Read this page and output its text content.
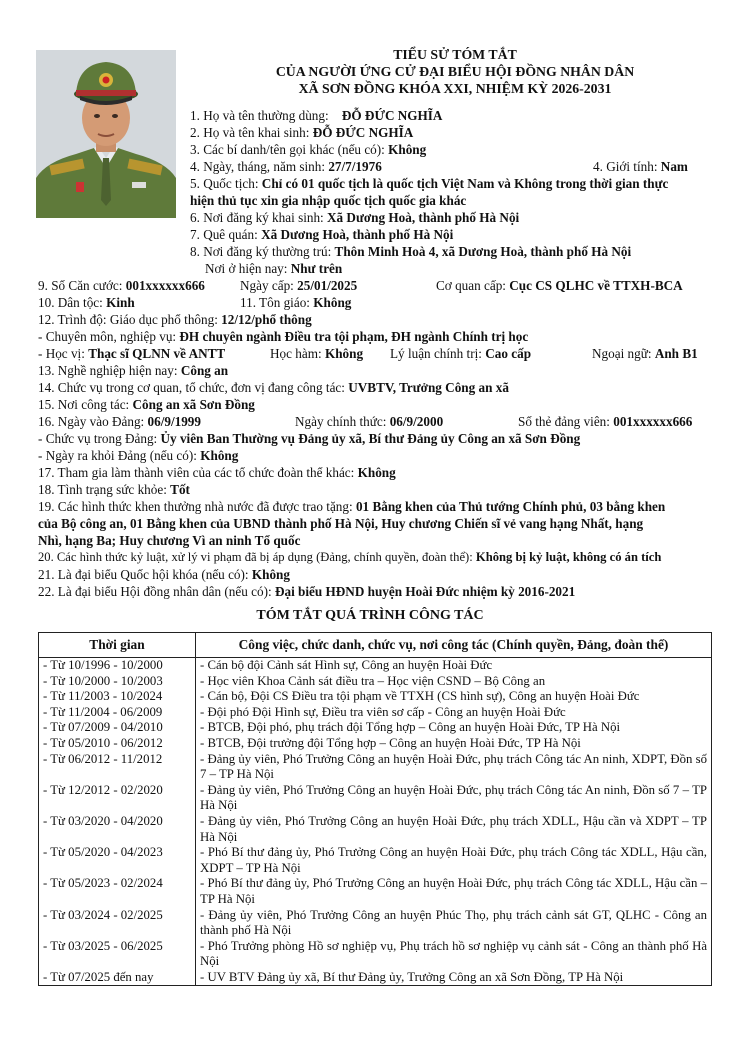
TIỂU SỬ TÓM TẮT
CỦA NGƯỜI ỨNG CỬ ĐẠI BIỂU HỘI ĐỒNG NHÂN DÂN
XÃ SƠN ĐỒNG KHÓA XXI, NHIỆM KỲ 2026-2031
1. Họ và tên thường dùng: ĐỖ ĐỨC NGHĨA
2. Họ và tên khai sinh: ĐỖ ĐỨC NGHĨA
3. Các bí danh/tên gọi khác (nếu có): Không
4. Ngày, tháng, năm sinh: 27/7/1976	4. Giới tính: Nam
5. Quốc tịch: Chỉ có 01 quốc tịch là quốc tịch Việt Nam và Không trong thời gian thực
hiện thủ tục xin gia nhập quốc tịch quốc gia khác
6. Nơi đăng ký khai sinh: Xã Dương Hoà, thành phố Hà Nội
7. Quê quán: Xã Dương Hoà, thành phố Hà Nội
8. Nơi đăng ký thường trú: Thôn Minh Hoà 4, xã Dương Hoà, thành phố Hà Nội
Nơi ở hiện nay: Như trên
9. Số Căn cước: 001xxxxxx666	Ngày cấp: 25/01/2025	Cơ quan cấp: Cục CS QLHC về TTXH-BCA
10. Dân tộc: Kinh	11. Tôn giáo: Không
12. Trình độ: Giáo dục phổ thông: 12/12/phổ thông
- Chuyên môn, nghiệp vụ: ĐH chuyên ngành Điều tra tội phạm, ĐH ngành Chính trị học
- Học vị: Thạc sĩ QLNN về ANTT	Học hàm: Không Lý luận chính trị: Cao cấp	Ngoại ngữ: Anh B1
13. Nghề nghiệp hiện nay: Công an
14. Chức vụ trong cơ quan, tổ chức, đơn vị đang công tác: UVBTV, Trưởng Công an xã
15. Nơi công tác: Công an xã Sơn Đồng
16. Ngày vào Đảng: 06/9/1999	Ngày chính thức: 06/9/2000	Số thẻ đảng viên: 001xxxxxx666
- Chức vụ trong Đảng: Ủy viên Ban Thường vụ Đảng ủy xã, Bí thư Đảng ủy Công an xã Sơn Đồng
- Ngày ra khỏi Đảng (nếu có): Không
17. Tham gia làm thành viên của các tổ chức đoàn thể khác: Không
18. Tình trạng sức khỏe: Tốt
19. Các hình thức khen thưởng nhà nước đã được trao tặng: 01 Bằng khen của Thủ tướng Chính phủ, 03 bằng khen
của Bộ công an, 01 Bằng khen của UBND thành phố Hà Nội, Huy chương Chiến sĩ vẻ vang hạng Nhất, hạng
Nhì, hạng Ba; Huy chương Vì an ninh Tổ quốc
20. Các hình thức kỷ luật, xử lý vi phạm đã bị áp dụng (Đảng, chính quyền, đoàn thể): Không bị kỷ luật, không có án tích
21. Là đại biểu Quốc hội khóa (nếu có): Không
22. Là đại biểu Hội đồng nhân dân (nếu có): Đại biểu HĐND huyện Hoài Đức nhiệm kỳ 2016-2021
TÓM TẮT QUÁ TRÌNH CÔNG TÁC
Thời gian	Công việc, chức danh, chức vụ, nơi công tác (Chính quyền, Đảng, đoàn thể)
- Từ 10/1996 - 10/2000	- Cán bộ đội Cảnh sát Hình sự, Công an huyện Hoài Đức
- Từ 10/2000 - 10/2003	- Học viên Khoa Cảnh sát điều tra – Học viện CSND – Bộ Công an
- Từ 11/2003 - 10/2024	- Cán bộ, Đội CS Điều tra tội phạm về TTXH (CS hình sự), Công an huyện Hoài Đức
- Từ 11/2004 - 06/2009	- Đội phó Đội Hình sự, Điều tra viên sơ cấp - Công an huyện Hoài Đức
- Từ 07/2009 - 04/2010	- BTCB, Đội phó, phụ trách đội Tổng hợp – Công an huyện Hoài Đức, TP Hà Nội
- Từ 05/2010 - 06/2012	- BTCB, Đội trưởng đội Tổng hợp – Công an huyện Hoài Đức, TP Hà Nội
- Từ 06/2012 - 11/2012	- Đảng ủy viên, Phó Trưởng Công an huyện Hoài Đức, phụ trách Công tác An ninh, XDPT, Đồn số 7 – TP Hà Nội
- Từ 12/2012 - 02/2020	- Đảng ủy viên, Phó Trưởng Công an huyện Hoài Đức, phụ trách Công tác An ninh, Đồn số 7 – TP Hà Nội
- Từ 03/2020 - 04/2020	- Đảng ủy viên, Phó Trưởng Công an huyện Hoài Đức, phụ trách XDLL, Hậu cần và XDPT – TP Hà Nội
- Từ 05/2020 - 04/2023	- Phó Bí thư đảng ủy, Phó Trưởng Công an huyện Hoài Đức, phụ trách Công tác XDLL, Hậu cần, XDPT – TP Hà Nội
- Từ 05/2023 - 02/2024	- Phó Bí thư đảng ủy, Phó Trưởng Công an huyện Hoài Đức, phụ trách Công tác XDLL, Hậu cần – TP Hà Nội
- Từ 03/2024 - 02/2025	- Đảng ủy viên, Phó Trưởng Công an huyện Phúc Thọ, phụ trách cảnh sát GT, QLHC - Công an thành phố Hà Nội
- Từ 03/2025 - 06/2025	- Phó Trưởng phòng Hồ sơ nghiệp vụ, Phụ trách hồ sơ nghiệp vụ cảnh sát - Công an thành phố Hà Nội
- Từ 07/2025 đến nay	- UV BTV Đảng ủy xã, Bí thư Đảng ủy, Trưởng Công an xã Sơn Đồng, TP Hà Nội
